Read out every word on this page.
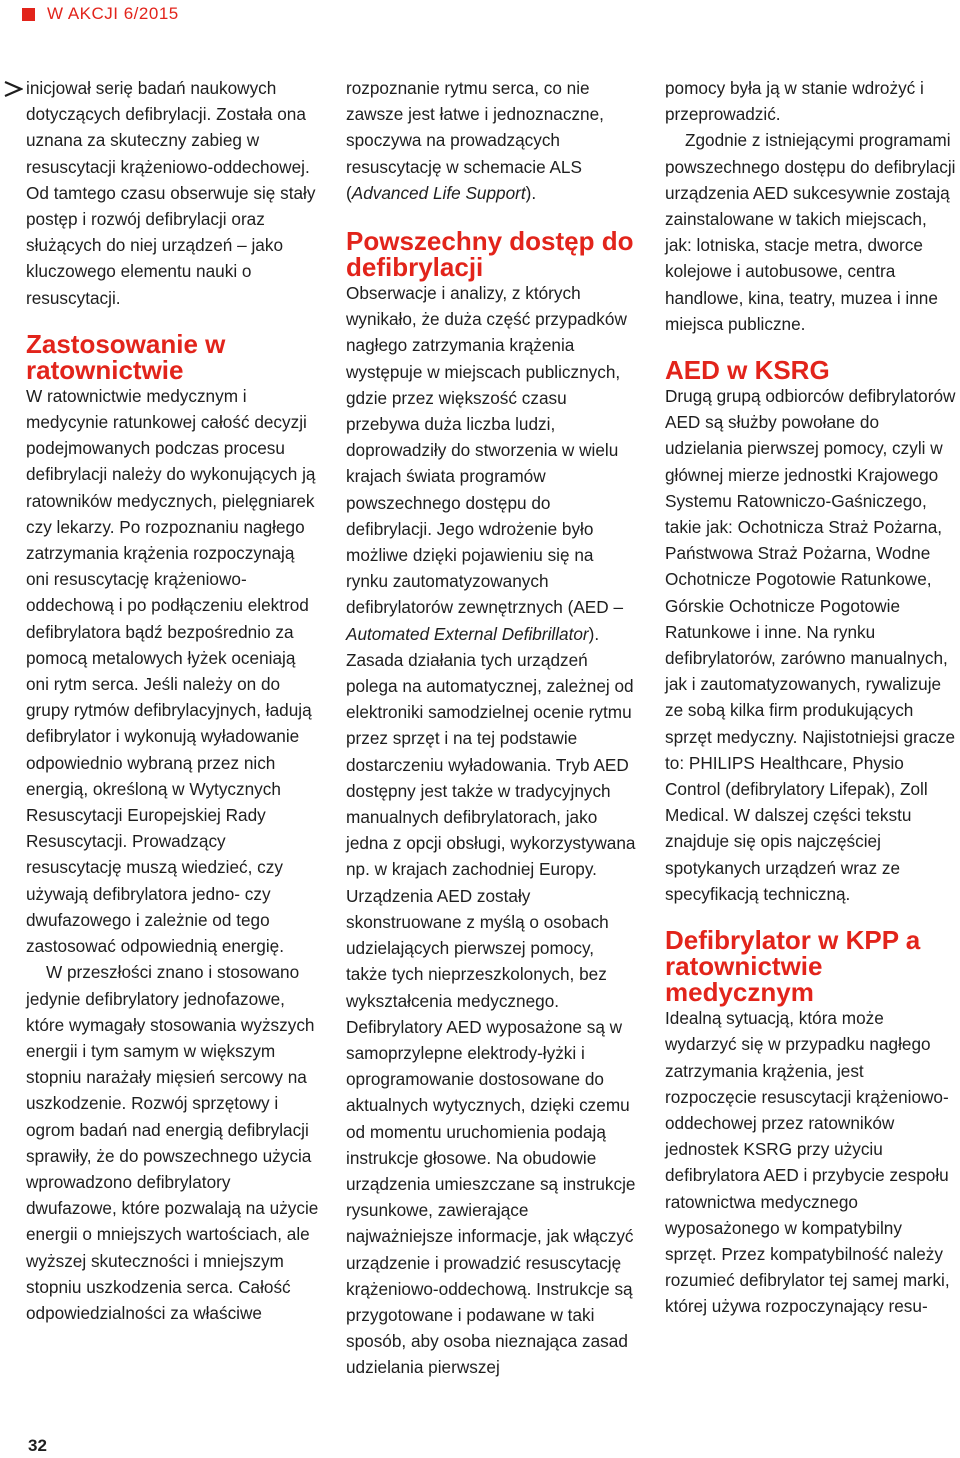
W AKCJI 6/2015

inicjował serię badań naukowych dotyczących defibrylacji. Została ona uznana za skuteczny zabieg w resuscytacji krążeniowo-oddechowej. Od tamtego czasu obserwuje się stały postęp i rozwój defibrylacji oraz służących do niej urządzeń – jako kluczowego elementu nauki o resuscytacji.

Zastosowanie w ratownictwie

W ratownictwie medycznym i medycynie ratunkowej całość decyzji podejmowanych podczas procesu defibrylacji należy do wykonujących ją ratowników medycznych, pielęgniarek czy lekarzy. Po rozpoznaniu nagłego zatrzymania krążenia rozpoczynają oni resuscytację krążeniowo-oddechową i po podłączeniu elektrod defibrylatora bądź bezpośrednio za pomocą metalowych łyżek oceniają oni rytm serca. Jeśli należy on do grupy rytmów defibrylacyjnych, ładują defibrylator i wykonują wyładowanie odpowiednio wybraną przez nich energią, określoną w Wytycznych Resuscytacji Europejskiej Rady Resuscytacji. Prowadzący resuscytację muszą wiedzieć, czy używają defibrylatora jedno- czy dwufazowego i zależnie od tego zastosować odpowiednią energię.

W przeszłości znano i stosowano jedynie defibrylatory jednofazowe, które wymagały stosowania wyższych energii i tym samym w większym stopniu narażały mięsień sercowy na uszkodzenie. Rozwój sprzętowy i ogrom badań nad energią defibrylacji sprawiły, że do powszechnego użycia wprowadzono defibrylatory dwufazowe, które pozwalają na użycie energii o mniejszych wartościach, ale wyższej skuteczności i mniejszym stopniu uszkodzenia serca. Całość odpowiedzialności za właściwe

rozpoznanie rytmu serca, co nie zawsze jest łatwe i jednoznaczne, spoczywa na prowadzących resuscytację w schemacie ALS (Advanced Life Support).

Powszechny dostęp do defibrylacji

Obserwacje i analizy, z których wynikało, że duża część przypadków nagłego zatrzymania krążenia występuje w miejscach publicznych, gdzie przez większość czasu przebywa duża liczba ludzi, doprowadziły do stworzenia w wielu krajach świata programów powszechnego dostępu do defibrylacji. Jego wdrożenie było możliwe dzięki pojawieniu się na rynku zautomatyzowanych defibrylatorów zewnętrznych (AED – Automated External Defibrillator). Zasada działania tych urządzeń polega na automatycznej, zależnej od elektroniki samodzielnej ocenie rytmu przez sprzęt i na tej podstawie dostarczeniu wyładowania. Tryb AED dostępny jest także w tradycyjnych manualnych defibrylatorach, jako jedna z opcji obsługi, wykorzystywana np. w krajach zachodniej Europy. Urządzenia AED zostały skonstruowane z myślą o osobach udzielających pierwszej pomocy, także tych nieprzeszkolonych, bez wykształcenia medycznego. Defibrylatory AED wyposażone są w samoprzylepne elektrody-łyżki i oprogramowanie dostosowane do aktualnych wytycznych, dzięki czemu od momentu uruchomienia podają instrukcje głosowe. Na obudowie urządzenia umieszczane są instrukcje rysunkowe, zawierające najważniejsze informacje, jak włączyć urządzenie i prowadzić resuscytację krążeniowo-oddechową. Instrukcje są przygotowane i podawane w taki sposób, aby osoba nieznająca zasad udzielania pierwszej

pomocy była ją w stanie wdrożyć i przeprowadzić.

Zgodnie z istniejącymi programami powszechnego dostępu do defibrylacji urządzenia AED sukcesywnie zostają zainstalowane w takich miejscach, jak: lotniska, stacje metra, dworce kolejowe i autobusowe, centra handlowe, kina, teatry, muzea i inne miejsca publiczne.

AED w KSRG

Drugą grupą odbiorców defibrylatorów AED są służby powołane do udzielania pierwszej pomocy, czyli w głównej mierze jednostki Krajowego Systemu Ratowniczo-Gaśniczego, takie jak: Ochotnicza Straż Pożarna, Państwowa Straż Pożarna, Wodne Ochotnicze Pogotowie Ratunkowe, Górskie Ochotnicze Pogotowie Ratunkowe i inne. Na rynku defibrylatorów, zarówno manualnych, jak i zautomatyzowanych, rywalizuje ze sobą kilka firm produkujących sprzęt medyczny. Najistotniejsi gracze to: PHILIPS Healthcare, Physio Control (defibrylatory Lifepak), Zoll Medical. W dalszej części tekstu znajduje się opis najczęściej spotykanych urządzeń wraz ze specyfikacją techniczną.

Defibrylator w KPP a ratownictwie medycznym

Idealną sytuacją, która może wydarzyć się w przypadku nagłego zatrzymania krążenia, jest rozpoczęcie resuscytacji krążeniowo-oddechowej przez ratowników jednostek KSRG przy użyciu defibrylatora AED i przybycie zespołu ratownictwa medycznego wyposażonego w kompatybilny sprzęt. Przez kompatybilność należy rozumieć defibrylator tej samej marki, której używa rozpoczynający resu-

32
